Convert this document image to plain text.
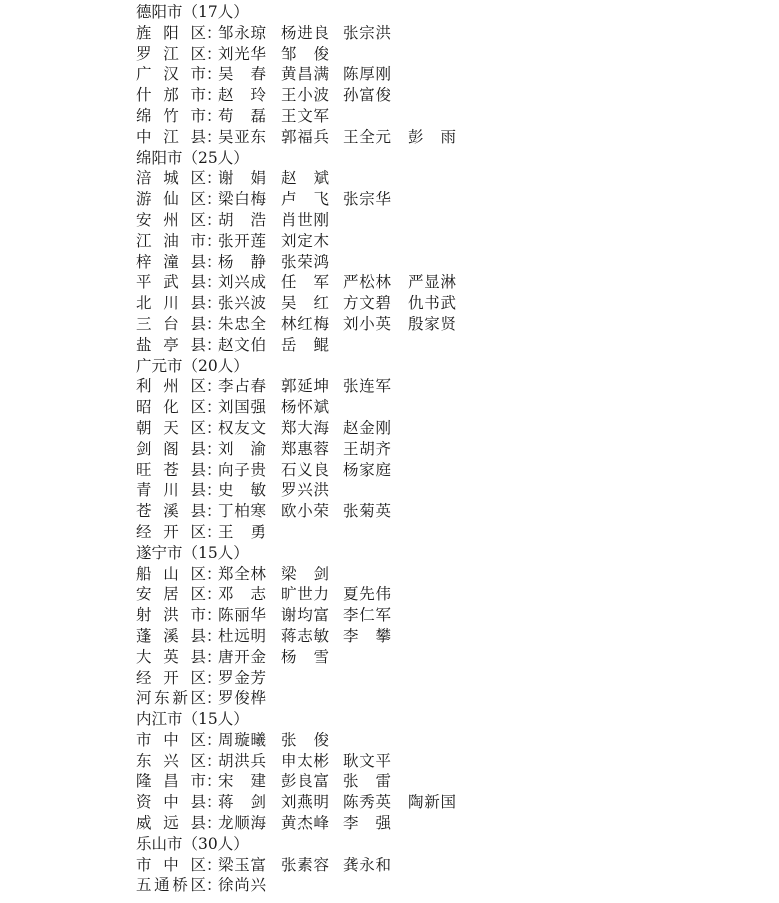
德阳市（17人）
旌阳区 ：
邹永琼 杨进良 张宗洪
罗江区 ：
刘光华 邹　俊
广汉市 ：
吴　春 黄昌满 陈厚刚
什邡市 ：
赵　玲 王小波 孙富俊
绵竹市 ：
苟　磊 王文军
中江县 ：
吴亚东 郭福兵 王全元 彭　雨
绵阳市（25人）
涪城区 ：
谢　娟 赵　斌
游仙区 ：
梁白梅 卢　飞 张宗华
安州区 ：
胡　浩 肖世刚
江油市 ：
张开莲 刘定木
梓潼县 ：
杨　静 张荣鸿
平武县 ：
刘兴成 任　军 严松林 严显淋
北川县 ：
张兴波 吴　红 方文碧 仇书武
三台县 ：
朱忠全 林红梅 刘小英 殷家贤
盐亭县 ：
赵文伯 岳　鲲
广元市（20人）
利州区 ：
李占春 郭延坤 张连军
昭化区 ：
刘国强 杨怀斌
朝天区 ：
权友文 郑大海 赵金刚
剑阁县 ：
刘　渝 郑惠蓉 王胡齐
旺苍县 ：
向子贵 石义良 杨家庭
青川县 ：
史　敏 罗兴洪
苍溪县 ：
丁柏寒 欧小荣 张菊英
经开区 ：
王　勇
遂宁市（15人）
船山区 ：
郑全林 梁　剑
安居区 ：
邓　志 旷世力 夏先伟
射洪市 ：
陈丽华 谢均富 李仁军
蓬溪县 ：
杜远明 蒋志敏 李　攀
大英县 ：
唐开金 杨　雪
经开区 ：
罗金芳
河东新区 ：
罗俊桦
内江市（15人）
市中区 ：
周璇曦 张　俊
东兴区 ：
胡洪兵 申太彬 耿文平
隆昌市 ：
宋　建 彭良富 张　雷
资中县 ：
蒋　剑 刘燕明 陈秀英 陶新国
威远县 ：
龙顺海 黄杰峰 李　强
乐山市（30人）
市中区 ：
梁玉富 张素容 龚永和
五通桥区 ：
徐尚兴
